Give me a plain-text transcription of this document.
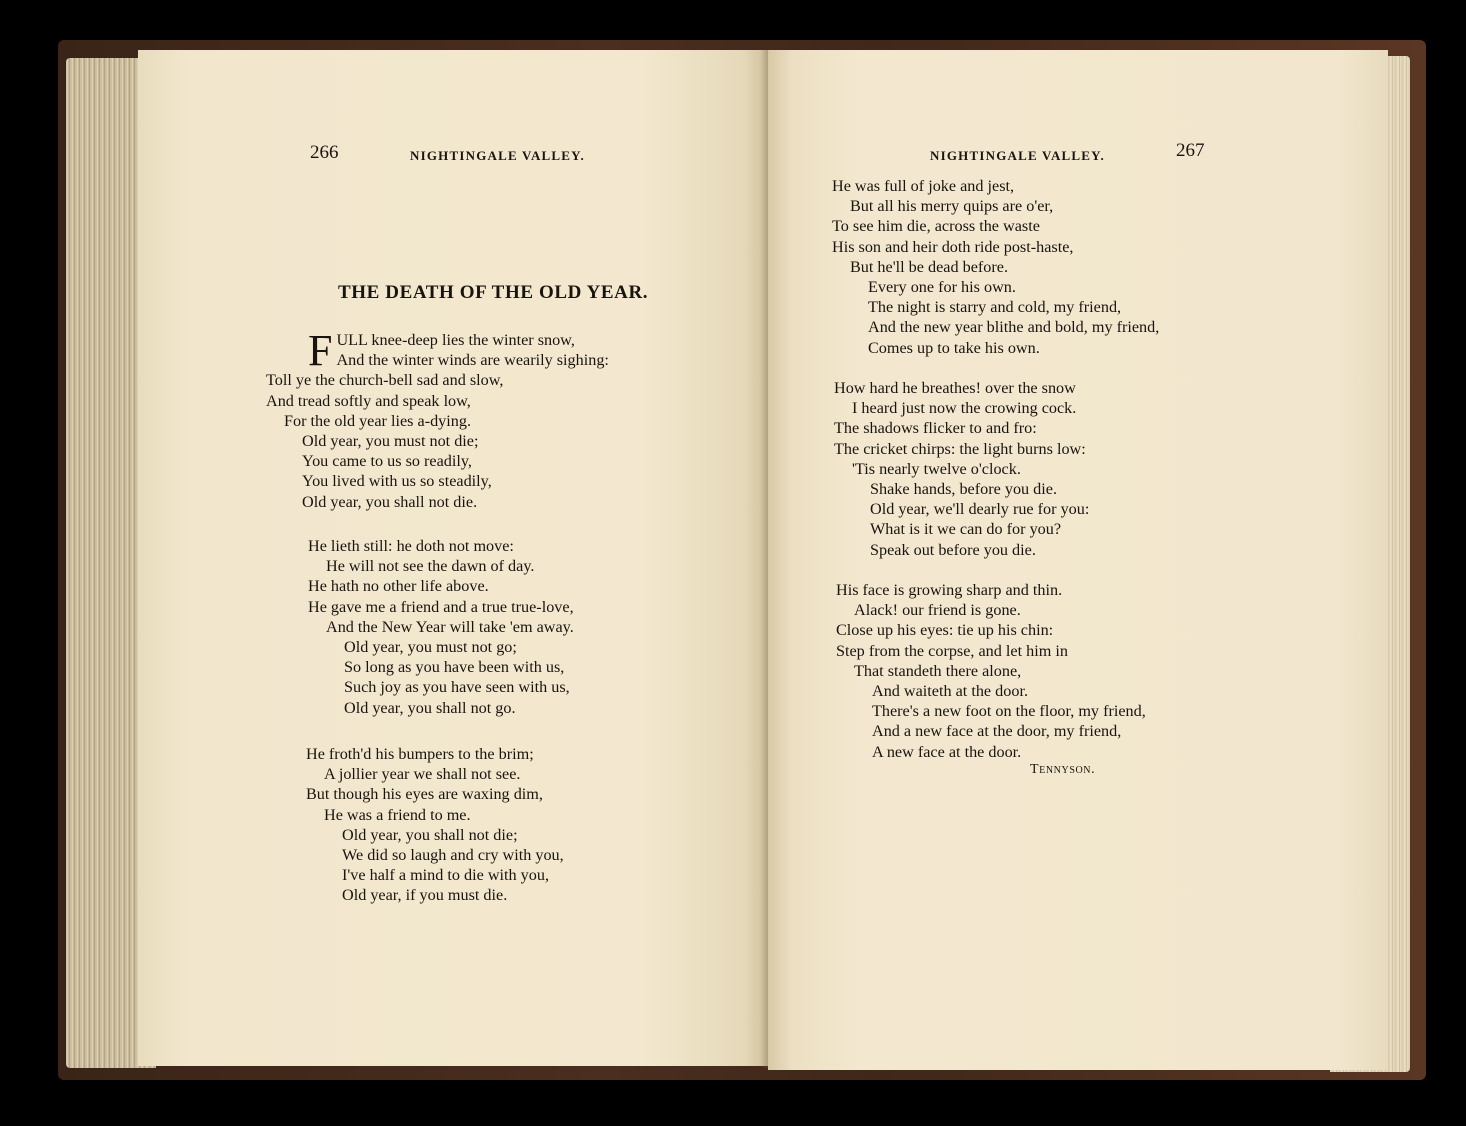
266	NIGHTINGALE VALLEY.
THE DEATH OF THE OLD YEAR.
F ULL knee-deep lies the winter snow,
And the winter winds are wearily sighing:
Toll ye the church-bell sad and slow,
And tread softly and speak low,
For the old year lies a-dying.
Old year, you must not die;
You came to us so readily,
You lived with us so steadily,
Old year, you shall not die.
He lieth still: he doth not move:
He will not see the dawn of day.
He hath no other life above.
He gave me a friend and a true true-love,
And the New Year will take 'em away.
Old year, you must not go;
So long as you have been with us,
Such joy as you have seen with us,
Old year, you shall not go.
He froth'd his bumpers to the brim;
A jollier year we shall not see.
But though his eyes are waxing dim,
He was a friend to me.
Old year, you shall not die;
We did so laugh and cry with you,
I've half a mind to die with you,
Old year, if you must die.
NIGHTINGALE VALLEY.	267
He was full of joke and jest,
But all his merry quips are o'er,
To see him die, across the waste
His son and heir doth ride post-haste,
But he'll be dead before.
Every one for his own.
The night is starry and cold, my friend,
And the new year blithe and bold, my friend,
Comes up to take his own.
How hard he breathes! over the snow
I heard just now the crowing cock.
The shadows flicker to and fro:
The cricket chirps: the light burns low:
'Tis nearly twelve o'clock.
Shake hands, before you die.
Old year, we'll dearly rue for you:
What is it we can do for you?
Speak out before you die.
His face is growing sharp and thin.
Alack! our friend is gone.
Close up his eyes: tie up his chin:
Step from the corpse, and let him in
That standeth there alone,
And waiteth at the door.
There's a new foot on the floor, my friend,
And a new face at the door, my friend,
A new face at the door.
Tennyson.
